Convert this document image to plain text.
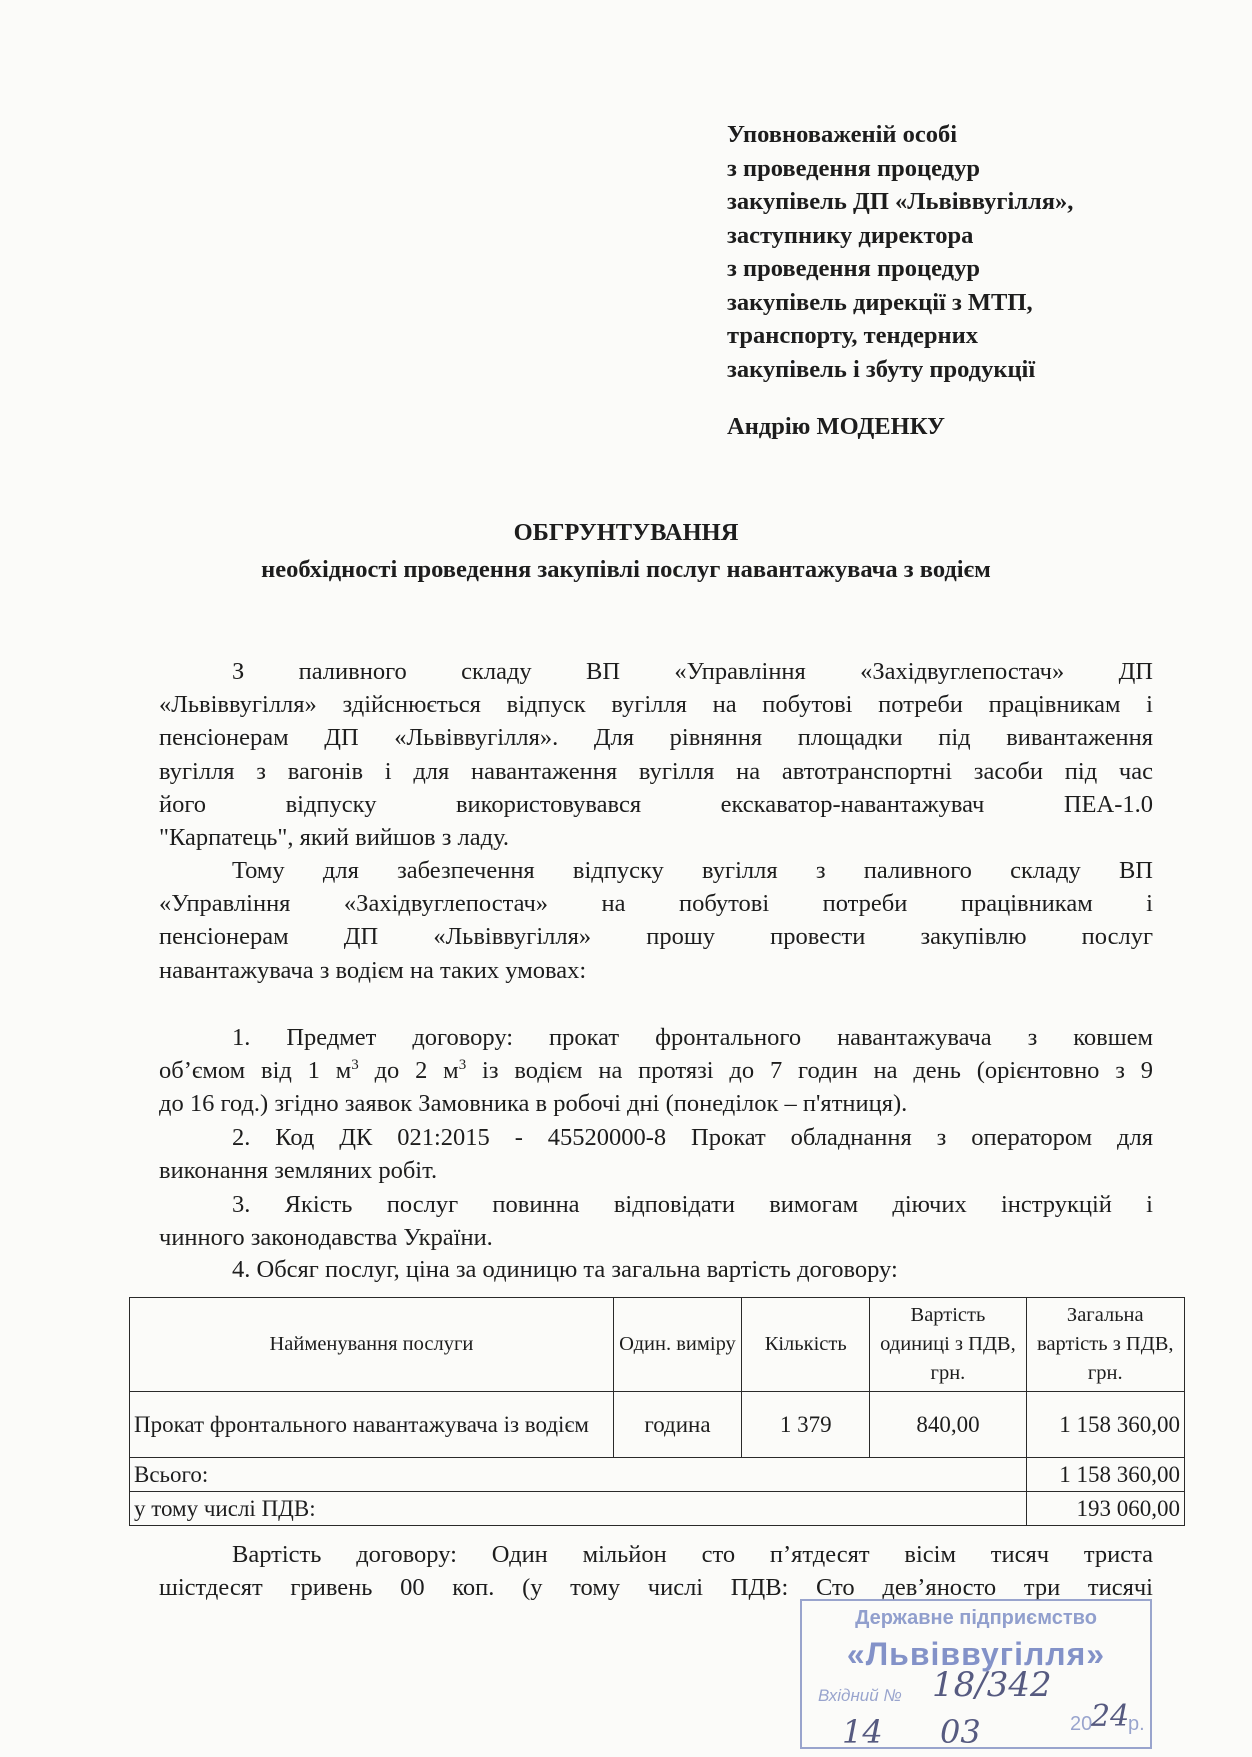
Уповноваженій особі
з проведення процедур
закупівель ДП «Львіввугілля»,
заступнику директора
з проведення процедур
закупівель дирекції з МТП,
транспорту, тендерних
закупівель і збуту продукції
Андрію МОДЕНКУ
ОБГРУНТУВАННЯ
необхідності проведення закупівлі послуг навантажувача з водієм
З паливного складу ВП «Управління «Західвуглепостач» ДП
«Львіввугілля» здійснюється відпуск вугілля на побутові потреби працівникам і
пенсіонерам ДП «Львіввугілля». Для рівняння площадки під вивантаження
вугілля з вагонів і для навантаження вугілля на автотранспортні засоби під час
його відпуску використовувався екскаватор-навантажувач ПЕА-1.0
"Карпатець", який вийшов з ладу.
Тому для забезпечення відпуску вугілля з паливного складу ВП
«Управління «Західвуглепостач» на побутові потреби працівникам і
пенсіонерам ДП «Львіввугілля» прошу провести закупівлю послуг
навантажувача з водієм на таких умовах:
1. Предмет договору: прокат фронтального навантажувача з ковшем
об’ємом від 1 $м^3$ до 2 $м^3$ із водієм на протязі до 7 годин на день (орієнтовно з 9
до 16 год.) згідно заявок Замовника в робочі дні (понеділок – п'ятниця).
2. Код ДК 021:2015 - 45520000-8 Прокат обладнання з оператором для
виконання земляних робіт.
3. Якість послуг повинна відповідати вимогам діючих інструкцій і
чинного законодавства України.
4. Обсяг послуг, ціна за одиницю та загальна вартість договору:
Найменування послуги	Один. виміру	Кількість	Вартість одиниці з ПДВ, грн.	Загальна вартість з ПДВ, грн.
Прокат фронтального навантажувача із водієм	година	1 379	840,00	1 158 360,00
Всього:				1 158 360,00
у тому числі ПДВ:				193 060,00
Вартість договору: Один мільйон сто п’ятдесят вісім тисяч триста
шістдесят гривень 00 коп. (у тому числі ПДВ: Сто дев’яносто три тисячі
Державне підприємство
«Львіввугілля»
Вхідний № 18/342
14 03	20
24
р.
